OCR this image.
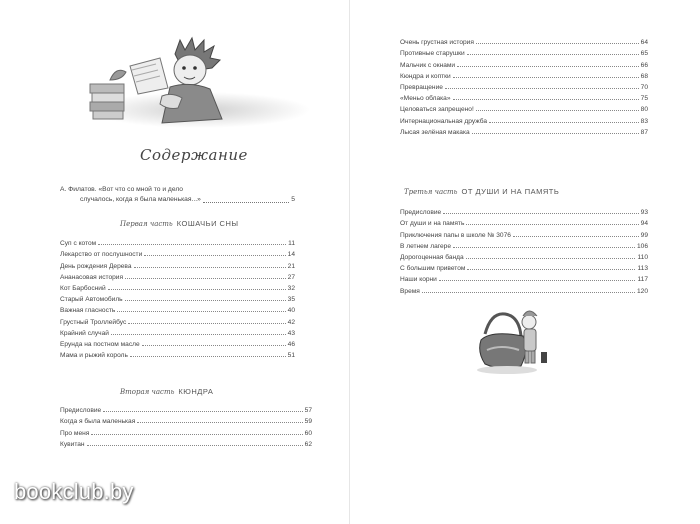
Содержание
А. Филатов. «Вот что со мной то и дело
случалось, когда я была маленькая...»	5
Первая часть КОШАЧЬИ СНЫ
Суп с котом	11
Лекарство от послушности	14
День рождения Дерева	21
Ананасовая история	27
Кот Барбосний	32
Старый Автомобиль	35
Важная гласность	40
Грустный Троллейбус	42
Крайний случай	43
Ерунда на постном масле	46
Мама и рыжий король	51
Вторая часть КЮНДРА
Предисловие	57
Когда я была маленькая	59
Про меня	60
Кувитан	62
Очень грустная история	64
Противные старушки	65
Мальчик с окнами	66
Кюндра и коптки	68
Превращение	70
«Меньо облака»	75
Целоваться запрещено!	80
Интернациональная дружба	83
Лысая зелёная макака	87
Третья часть ОТ ДУШИ И НА ПАМЯТЬ
Предисловие	93
От души и на память	94
Приключения папы в школе № 3076	99
В летнем лагере	106
Дорогоценная банда	110
С большим приветом	113
Наши корни	117
Время	120
bookclub.by
